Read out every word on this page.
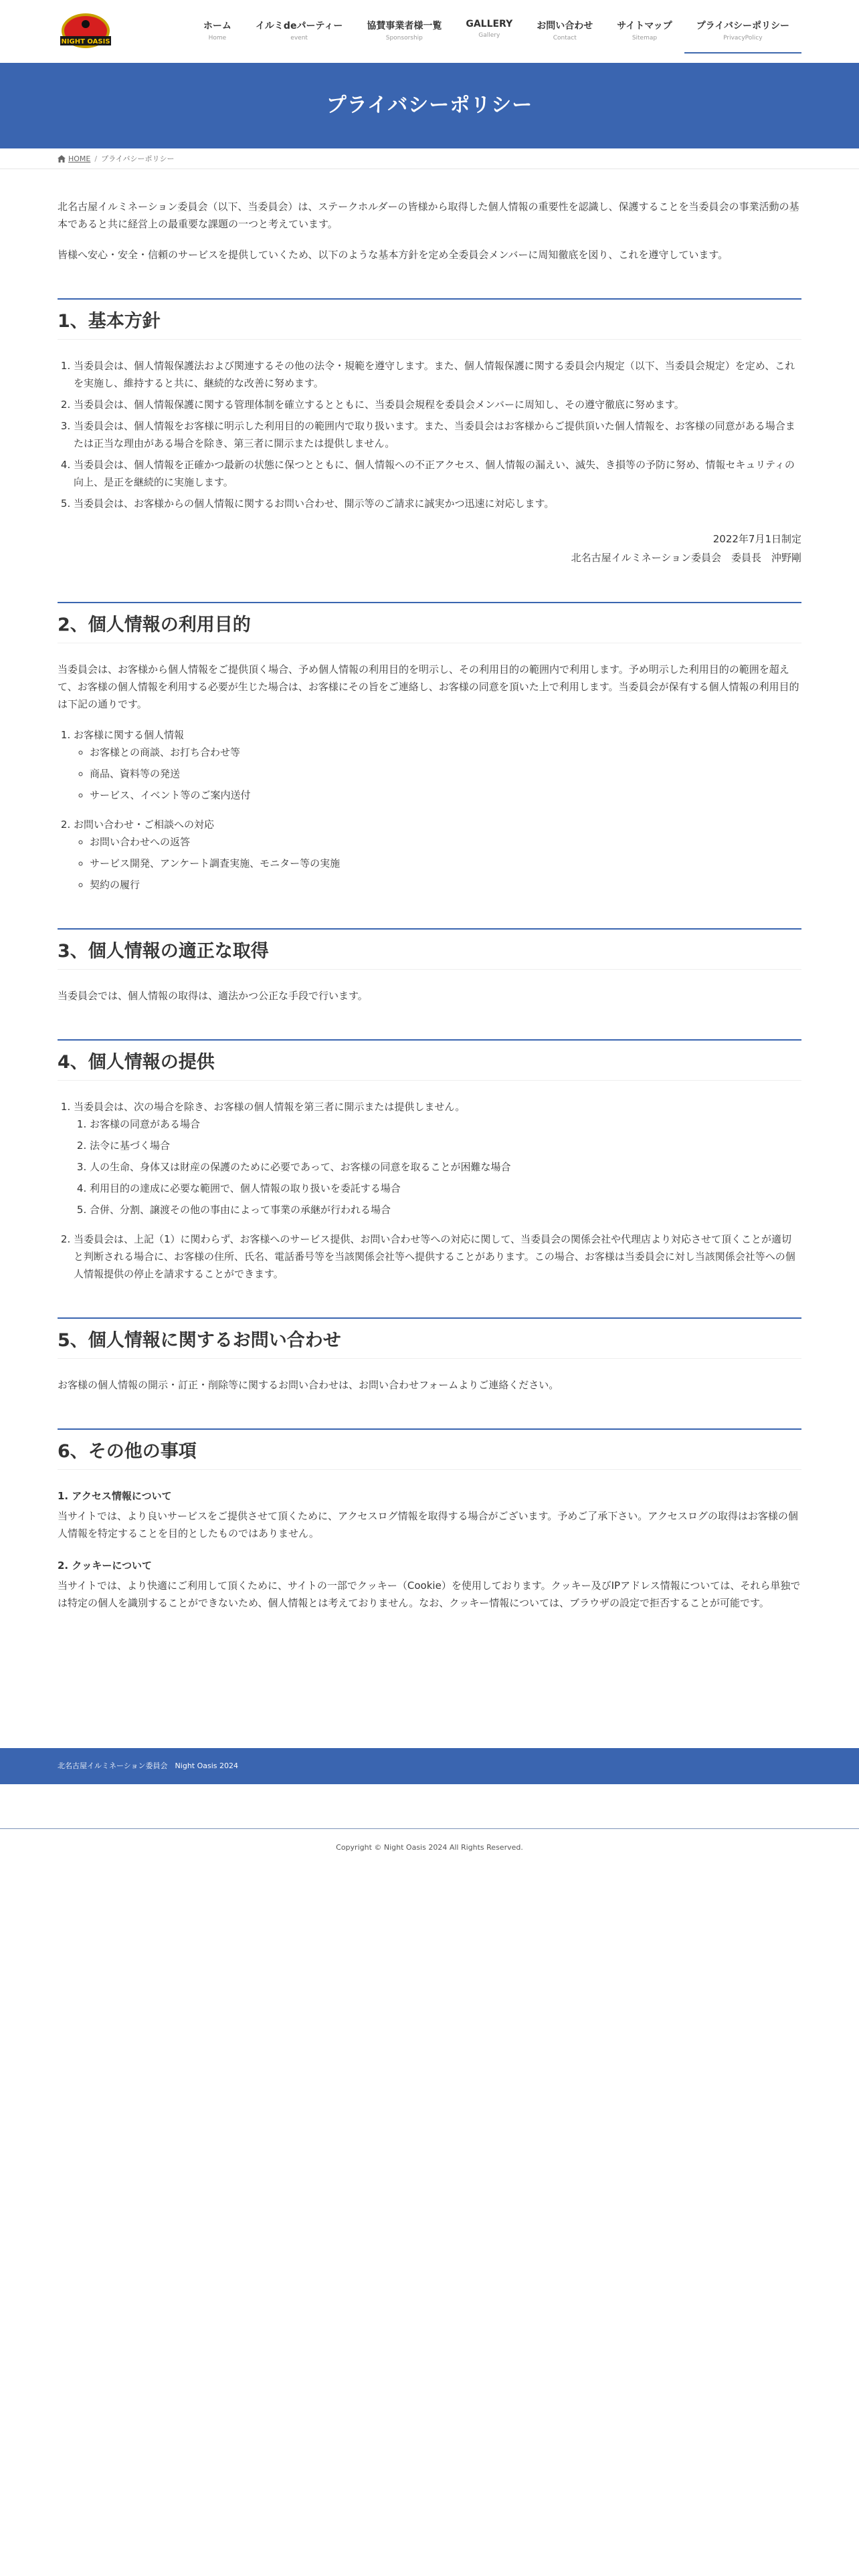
NIGHT OASIS
ホーム
Home
イルミdeパーティー
event
協賛事業者様一覧
Sponsorship
GALLERY
Gallery
お問い合わせ
Contact
サイトマップ
Sitemap
プライバシーポリシー
PrivacyPolicy
プライバシーポリシー
HOME / プライバシーポリシー

北名古屋イルミネーション委員会（以下、当委員会）は、ステークホルダーの皆様から取得した個人情報の重要性を認識し、保護することを当委員会の事業活動の基本であると共に経営上の最重要な課題の一つと考えています。

皆様へ安心・安全・信頼のサービスを提供していくため、以下のような基本方針を定め全委員会メンバーに周知徹底を図り、これを遵守しています。

1、基本方針
1. 当委員会は、個人情報保護法および関連するその他の法令・規範を遵守します。また、個人情報保護に関する委員会内規定（以下、当委員会規定）を定め、これを実施し、維持すると共に、継続的な改善に努めます。
2. 当委員会は、個人情報保護に関する管理体制を確立するとともに、当委員会規程を委員会メンバーに周知し、その遵守徹底に努めます。
3. 当委員会は、個人情報をお客様に明示した利用目的の範囲内で取り扱います。また、当委員会はお客様からご提供頂いた個人情報を、お客様の同意がある場合または正当な理由がある場合を除き、第三者に開示または提供しません。
4. 当委員会は、個人情報を正確かつ最新の状態に保つとともに、個人情報への不正アクセス、個人情報の漏えい、滅失、き損等の予防に努め、情報セキュリティの向上、是正を継続的に実施します。
5. 当委員会は、お客様からの個人情報に関するお問い合わせ、開示等のご請求に誠実かつ迅速に対応します。
2022年7月1日制定
北名古屋イルミネーション委員会　委員長　沖野剛
2、個人情報の利用目的

当委員会は、お客様から個人情報をご提供頂く場合、予め個人情報の利用目的を明示し、その利用目的の範囲内で利用します。予め明示した利用目的の範囲を超えて、お客様の個人情報を利用する必要が生じた場合は、お客様にその旨をご連絡し、お客様の同意を頂いた上で利用します。当委員会が保有する個人情報の利用目的は下記の通りです。

1. お客様に関する個人情報
◦ お客様との商談、お打ち合わせ等
◦ 商品、資料等の発送
◦ サービス、イベント等のご案内送付
2. お問い合わせ・ご相談への対応
◦ お問い合わせへの返答
◦ サービス開発、アンケート調査実施、モニター等の実施
◦ 契約の履行
3、個人情報の適正な取得

当委員会では、個人情報の取得は、適法かつ公正な手段で行います。

4、個人情報の提供
1. 当委員会は、次の場合を除き、お客様の個人情報を第三者に開示または提供しません。
1. お客様の同意がある場合
2. 法令に基づく場合
3. 人の生命、身体又は財産の保護のために必要であって、お客様の同意を取ることが困難な場合
4. 利用目的の達成に必要な範囲で、個人情報の取り扱いを委託する場合
5. 合併、分割、譲渡その他の事由によって事業の承継が行われる場合
2. 当委員会は、上記（1）に関わらず、お客様へのサービス提供、お問い合わせ等への対応に関して、当委員会の関係会社や代理店より対応させて頂くことが適切と判断される場合に、お客様の住所、氏名、電話番号等を当該関係会社等へ提供することがあります。この場合、お客様は当委員会に対し当該関係会社等への個人情報提供の停止を請求することができます。
5、個人情報に関するお問い合わせ

お客様の個人情報の開示・訂正・削除等に関するお問い合わせは、お問い合わせフォームよりご連絡ください。

6、その他の事項
1. アクセス情報について

当サイトでは、より良いサービスをご提供させて頂くために、アクセスログ情報を取得する場合がございます。予めご了承下さい。アクセスログの取得はお客様の個人情報を特定することを目的としたものではありません。

2. クッキーについて

当サイトでは、より快適にご利用して頂くために、サイトの一部でクッキー（Cookie）を使用しております。クッキー及びIPアドレス情報については、それら単独では特定の個人を識別することができないため、個人情報とは考えておりません。なお、クッキー情報については、ブラウザの設定で拒否することが可能です。

北名古屋イルミネーション委員会　Night Oasis 2024
Copyright © Night Oasis 2024 All Rights Reserved.
